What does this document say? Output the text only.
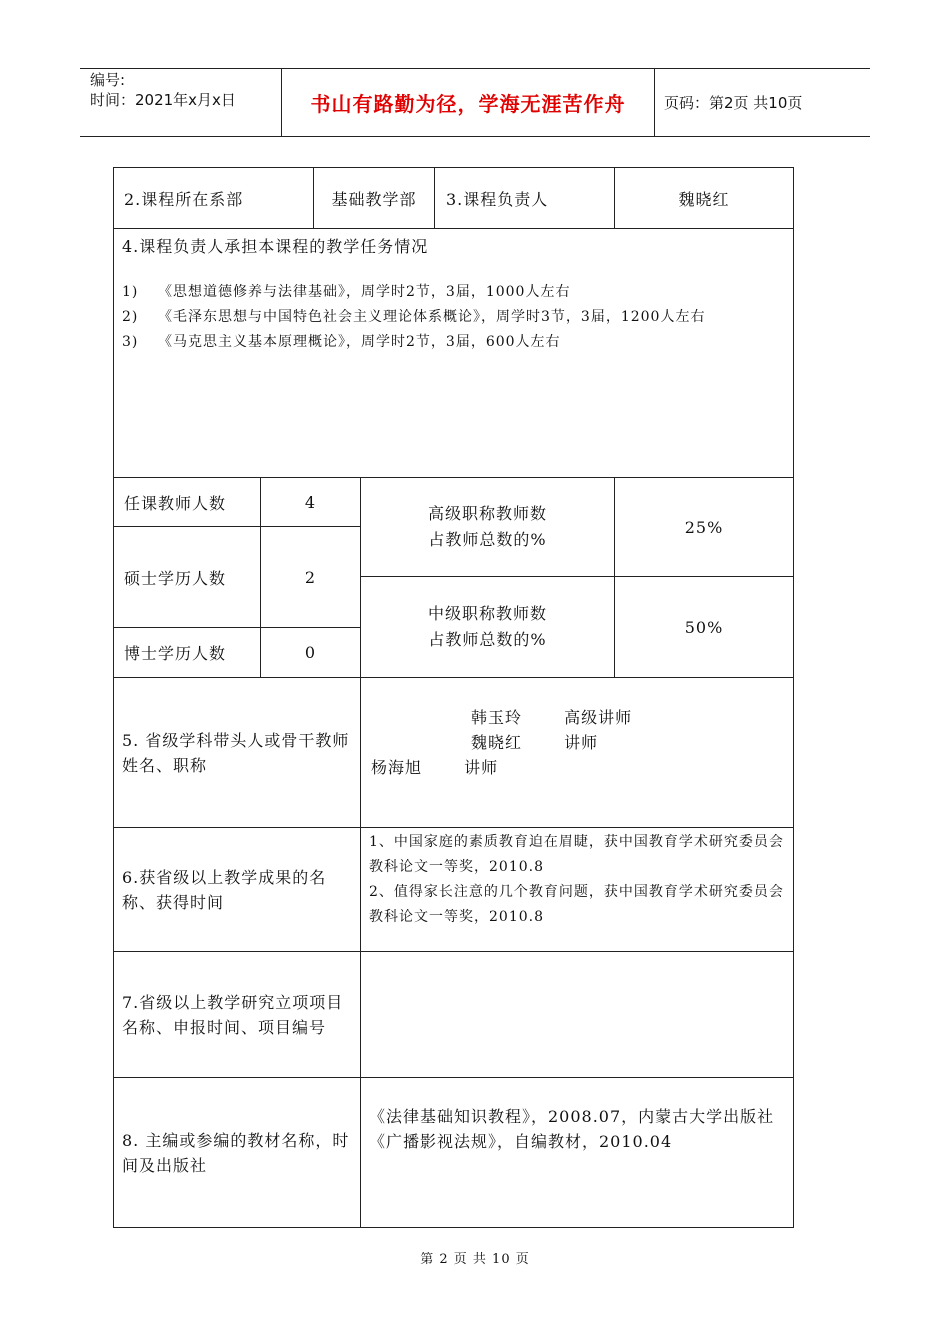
编号:
时间：2021年x月x日	书山有路勤为径，学海无涯苦作舟	页码：第2页 共10页
2.课程所在系部	基础教学部	3.课程负责人	魏晓红
4.课程负责人承担本课程的教学任务情况
1)	《思想道德修养与法律基础》，周学时2节，3届，1000人左右
2)	《毛泽东思想与中国特色社会主义理论体系概论》，周学时3节，3届，1200人左右
3)	《马克思主义基本原理概论》，周学时2节，3届，600人左右
任课教师人数	4
硕士学历人数	2
博士学历人数	0
高级职称教师数
占教师总数的%
25%
中级职称教师数
占教师总数的%
50%
5. 省级学科带头人或骨干教师姓名、职称
韩玉玲	高级讲师
魏晓红	讲师
杨海旭	讲师
6.获省级以上教学成果的名称、获得时间
1、中国家庭的素质教育迫在眉睫，获中国教育学术研究委员会教科论文一等奖，2010.8
2、值得家长注意的几个教育问题，获中国教育学术研究委员会教科论文一等奖，2010.8
7.省级以上教学研究立项项目名称、申报时间、项目编号
8. 主编或参编的教材名称，时间及出版社
《法律基础知识教程》，2008.07，内蒙古大学出版社
《广播影视法规》，自编教材，2010.04
第 2 页 共 10 页
